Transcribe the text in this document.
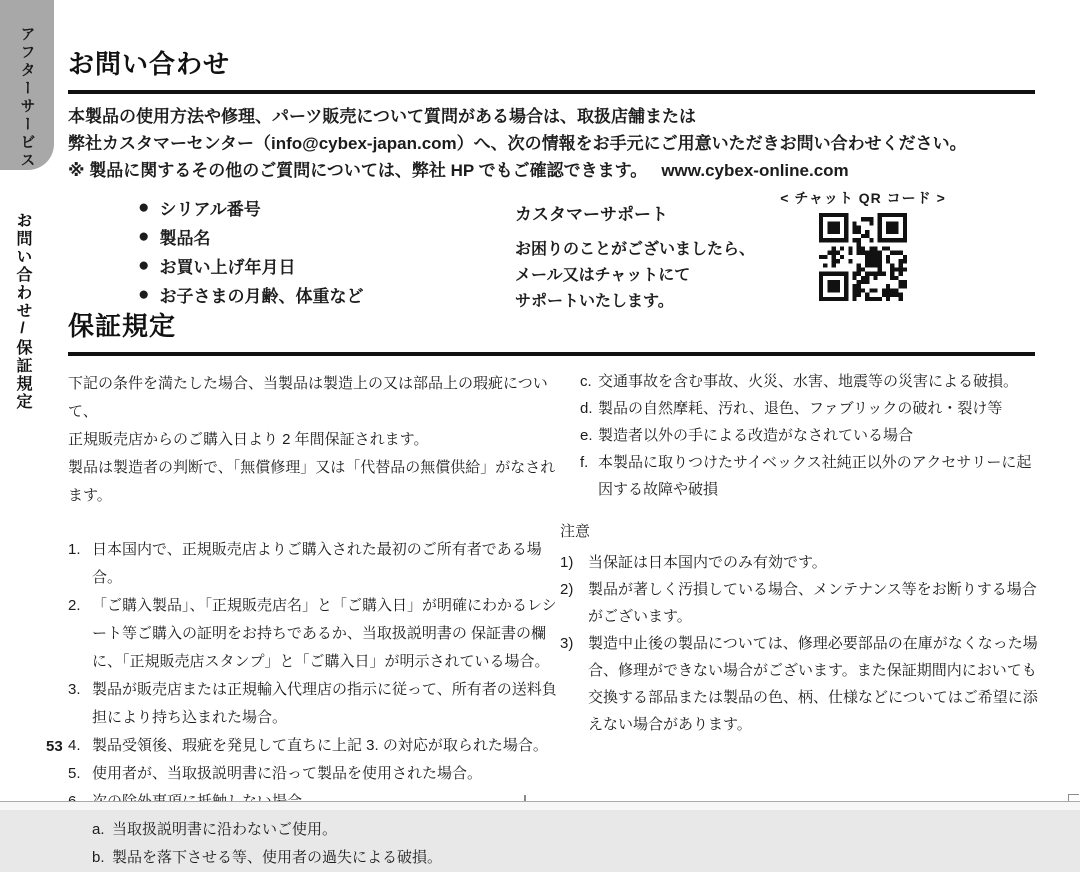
アフターサービス
お問い合わせ/保証規定
お問い合わせ
本製品の使用方法や修理、パーツ販売について質問がある場合は、取扱店舗または
弊社カスタマーセンター（info@cybex-japan.com）へ、次の情報をお手元にご用意いただきお問い合わせください。
※ 製品に関するその他のご質問については、弊社 HP でもご確認できます。 www.cybex-online.com
● シリアル番号
● 製品名
● お買い上げ年月日
● お子さまの月齢、体重など
カスタマーサポート
お困りのことがございましたら、
メール又はチャットにて
サポートいたします。
< チャット QR コード >
保証規定
下記の条件を満たした場合、当製品は製造上の又は部品上の瑕疵について、
正規販売店からのご購入日より 2 年間保証されます。
製品は製造者の判断で、「無償修理」又は「代替品の無償供給」がなされます。
1. 日本国内で、正規販売店よりご購入された最初のご所有者である場合。
2. 「ご購入製品」、「正規販売店名」と「ご購入日」が明確にわかるレシート等ご購入の証明をお持ちであるか、当取扱説明書の 保証書の欄に、「正規販売店スタンプ」と「ご購入日」が明示されている場合。
3. 製品が販売店または正規輸入代理店の指示に従って、所有者の送料負担により持ち込まれた場合。
4. 製品受領後、瑕疵を発見して直ちに上記 3. の対応が取られた場合。
5. 使用者が、当取扱説明書に沿って製品を使用された場合。
a. 当取扱説明書に沿わないご使用。
b. 製品を落下させる等、使用者の過失による破損。
c. 交通事故を含む事故、火災、水害、地震等の災害による破損。
d. 製品の自然摩耗、汚れ、退色、ファブリックの破れ・裂け等
e. 製造者以外の手による改造がなされている場合
f. 本製品に取りつけたサイベックス社純正以外のアクセサリーに起因する故障や破損
注意
1) 当保証は日本国内でのみ有効です。
2) 製品が著しく汚損している場合、メンテナンス等をお断りする場合がございます。
3) 製造中止後の製品については、修理必要部品の在庫がなくなった場合、修理ができない場合がございます。また保証期間内においても交換する部品または製品の色、柄、仕様などについてはご希望に添えない場合があります。
53
